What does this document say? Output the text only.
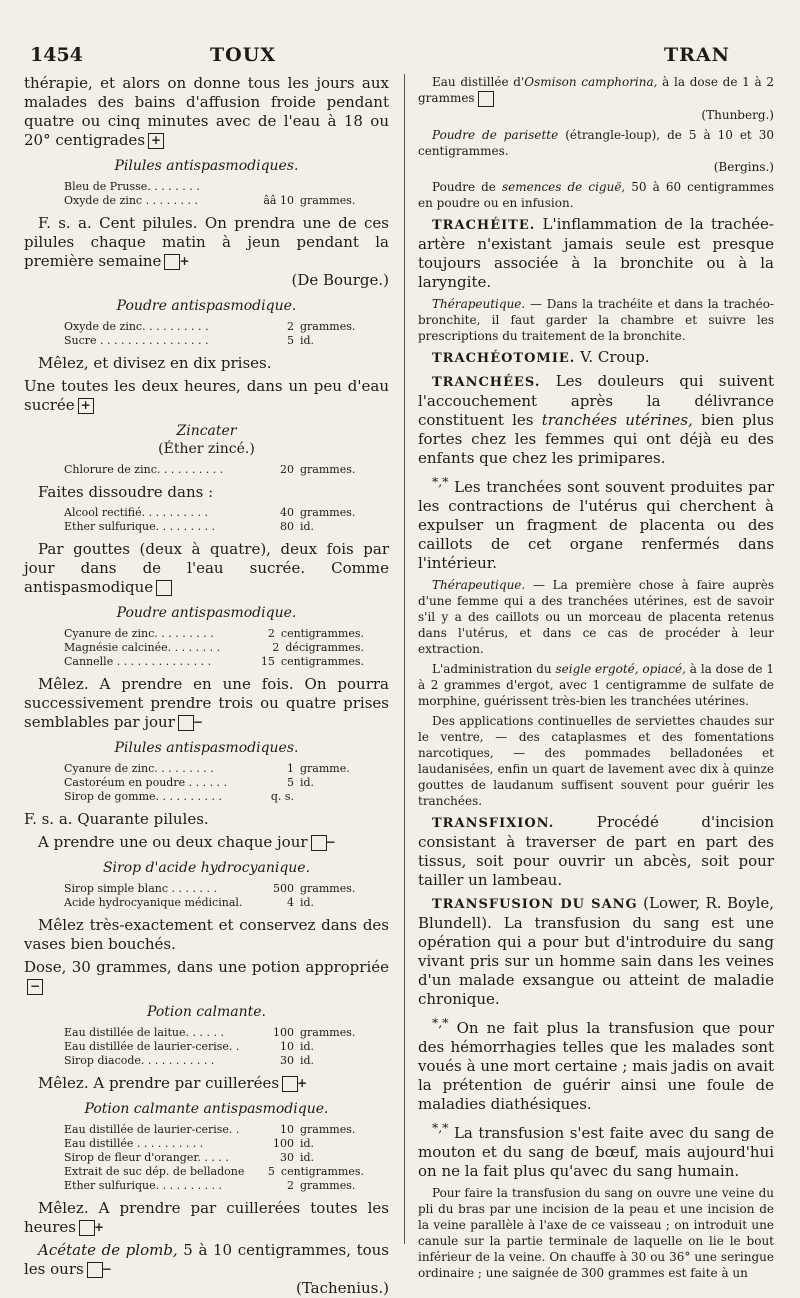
1454	TOUX	TRAN

thérapie, et alors on donne tous les jours aux malades des bains d'affusion froide pendant quatre ou cinq minutes avec de l'eau à 18 ou 20° centigrades +

Pilules antispasmodiques.
Bleu de Prusse. . . . . . . .
Oxyde de zinc . . . . . . . .	ââ 10 grammes.

F. s. a. Cent pilules. On prendra une de ces pilules chaque matin à jeun pendant la première semaine +
(De Bourge.)

Poudre antispasmodique.
Oxyde de zinc. . . . . . . . . .	2 grammes.
Sucre . . . . . . . . . . . . . . . .	5 id.

Mêlez, et divisez en dix prises.

Une toutes les deux heures, dans un peu d'eau sucrée +

Zincater
(Éther zincé.)
Chlorure de zinc. . . . . . . . . .	20 grammes.

Faites dissoudre dans :

Alcool rectifié. . . . . . . . . .	40 grammes.
Ether sulfurique. . . . . . . . .	80 id.

Par gouttes (deux à quatre), deux fois par jour dans de l'eau sucrée. Comme antispasmodique

Poudre antispasmodique.
Cyanure de zinc. . . . . . . . .	2 centigrammes.
Magnésie calcinée. . . . . . . .	2 décigrammes.
Cannelle . . . . . . . . . . . . . .	15 centigrammes.

Mêlez. A prendre en une fois. On pourra successivement prendre trois ou quatre prises semblables par jour −

Pilules antispasmodiques.
Cyanure de zinc. . . . . . . . .	1 gramme.
Castoréum en poudre . . . . . .	5 id.
Sirop de gomme. . . . . . . . . .	q. s.

F. s. a. Quarante pilules.

A prendre une ou deux chaque jour −

Sirop d'acide hydrocyanique.
Sirop simple blanc . . . . . . .	500 grammes.
Acide hydrocyanique médicinal.	4 id.

Mêlez très-exactement et conservez dans des vases bien bouchés.

Dose, 30 grammes, dans une potion appropriée−

Potion calmante.
Eau distillée de laitue. . . . . .	100 grammes.
Eau distillée de laurier-cerise. .	10 id.
Sirop diacode. . . . . . . . . . .	30 id.

Mêlez. A prendre par cuillerées +

Potion calmante antispasmodique.
Eau distillée de laurier-cerise. .	10 grammes.
Eau distillée . . . . . . . . . .	100 id.
Sirop de fleur d'oranger. . . . .	30 id.
Extrait de suc dép. de belladone	5 centigrammes.
Ether sulfurique. . . . . . . . . .	2 grammes.

Mêlez. A prendre par cuillerées toutes les heures +

Acétate de plomb, 5 à 10 centigrammes, tous les ours −
(Tachenius.)

Eau distillée d'Osmison camphorina, à la dose de 1 à 2 grammes
(Thunberg.)

Poudre de parisette (étrangle-loup), de 5 à 10 et 30 centigrammes.
(Bergins.)

Poudre de semences de ciguë, 50 à 60 centigrammes en poudre ou en infusion.

TRACHÉITE. L'inflammation de la trachée-artère n'existant jamais seule est presque toujours associée à la bronchite ou à la laryngite.

Thérapeutique. — Dans la trachéite et dans la trachéo-bronchite, il faut garder la chambre et suivre les prescriptions du traitement de la bronchite.

TRACHÉOTOMIE. V. Croup.

TRANCHÉES. Les douleurs qui suivent l'accouchement après la délivrance constituent les tranchées utérines, bien plus fortes chez les femmes qui ont déjà eu des enfants que chez les primipares.

*,* Les tranchées sont souvent produites par les contractions de l'utérus qui cherchent à expulser un fragment de placenta ou des caillots de cet organe renfermés dans l'intérieur.

Thérapeutique. — La première chose à faire auprès d'une femme qui a des tranchées utérines, est de savoir s'il y a des caillots ou un morceau de placenta retenus dans l'utérus, et dans ce cas de procéder à leur extraction.

L'administration du seigle ergoté, opiacé, à la dose de 1 à 2 grammes d'ergot, avec 1 centigramme de sulfate de morphine, guérissent très-bien les tranchées utérines.

Des applications continuelles de serviettes chaudes sur le ventre, — des cataplasmes et des fomentations narcotiques, — des pommades belladonées et laudanisées, enfin un quart de lavement avec dix à quinze gouttes de laudanum suffisent souvent pour guérir les tranchées.

TRANSFIXION. Procédé d'incision consistant à traverser de part en part des tissus, soit pour ouvrir un abcès, soit pour tailler un lambeau.

TRANSFUSION DU SANG (Lower, R. Boyle, Blundell). La transfusion du sang est une opération qui a pour but d'introduire du sang vivant pris sur un homme sain dans les veines d'un malade exsangue ou atteint de maladie chronique.

*,* On ne fait plus la transfusion que pour des hémorrhagies telles que les malades sont voués à une mort certaine ; mais jadis on avait la prétention de guérir ainsi une foule de maladies diathésiques.

*,* La transfusion s'est faite avec du sang de mouton et du sang de bœuf, mais aujourd'hui on ne la fait plus qu'avec du sang humain.

Pour faire la transfusion du sang on ouvre une veine du pli du bras par une incision de la peau et une incision de la veine parallèle à l'axe de ce vaisseau ; on introduit une canule sur la partie terminale de laquelle on lie le bout inférieur de la veine. On chauffe à 30 ou 36° une seringue ordinaire ; une saignée de 300 grammes est faite à un
